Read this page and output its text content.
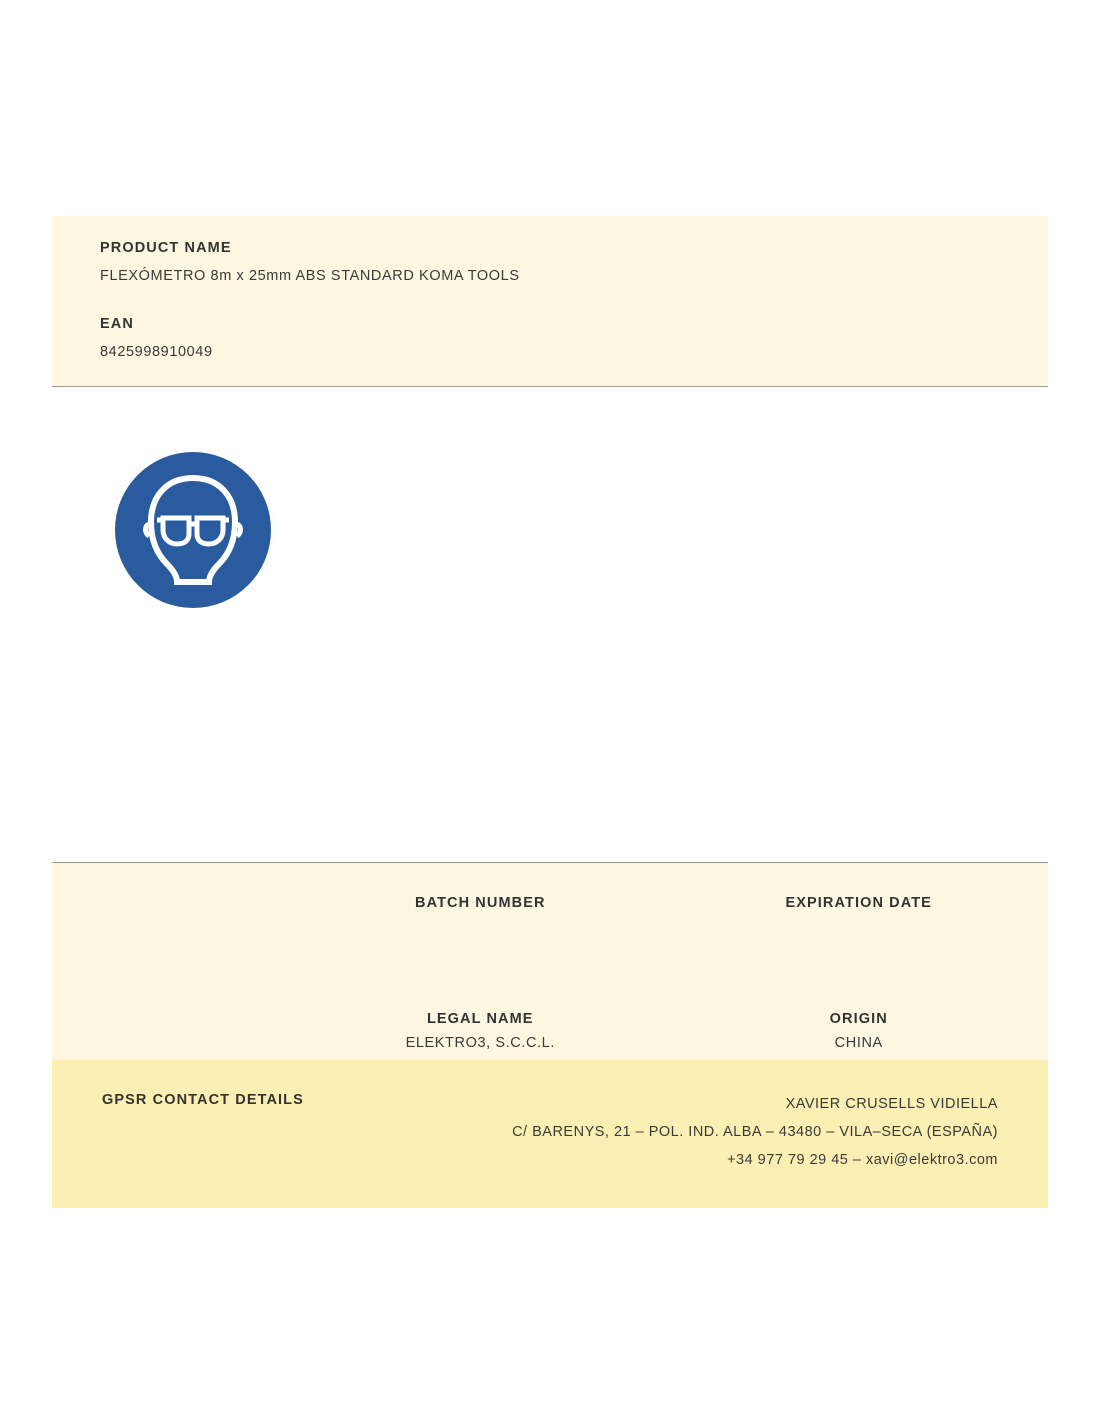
PRODUCT NAME

FLEXÓMETRO 8m x 25mm ABS STANDARD KOMA TOOLS

EAN

8425998910049

BATCH NUMBER	EXPIRATION DATE
LEGAL NAME
ELEKTRO3, S.C.C.L.
ORIGIN
CHINA
GPSR CONTACT DETAILS	XAVIER CRUSELLS VIDIELLA
C/ BARENYS, 21 – POL. IND. ALBA – 43480 – VILA–SECA (ESPAÑA)
+34 977 79 29 45 – xavi@elektro3.com
